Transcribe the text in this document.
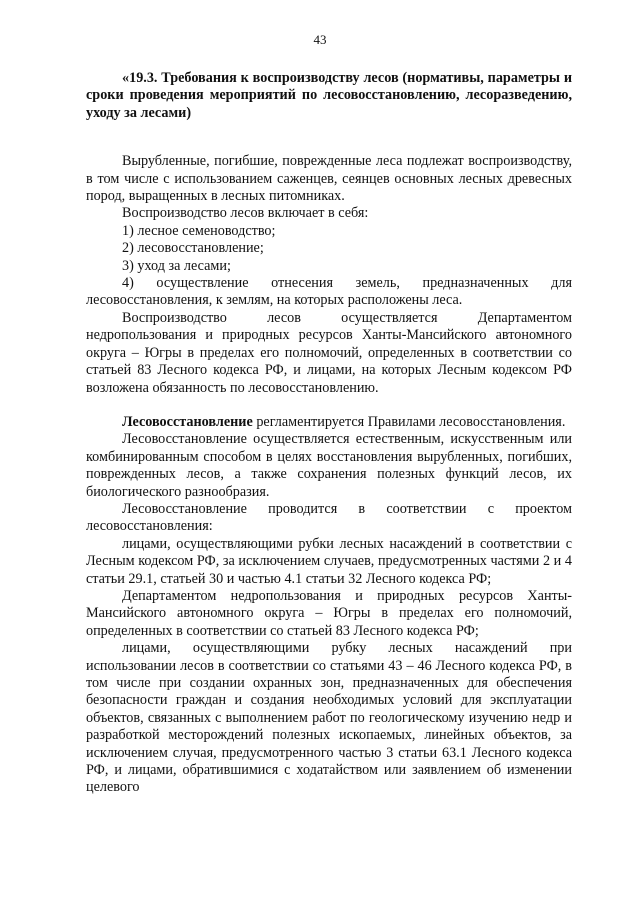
43
«19.3. Требования к воспроизводству лесов (нормативы, параметры и сроки проведения мероприятий по лесовосстановлению, лесоразведению, уходу за лесами)

Вырубленные, погибшие, поврежденные леса подлежат воспроизводству, в том числе с использованием саженцев, сеянцев основных лесных древесных пород, выращенных в лесных питомниках.

Воспроизводство лесов включает в себя:

1) лесное семеноводство;
2) лесовосстановление;
3) уход за лесами;
4) осуществление отнесения земель, предназначенных для лесовосстановления, к землям, на которых расположены леса.

Воспроизводство лесов осуществляется Департаментом недропользования и природных ресурсов Ханты-Мансийского автономного округа – Югры в пределах его полномочий, определенных в соответствии со статьей 83 Лесного кодекса РФ, и лицами, на которых Лесным кодексом РФ возложена обязанность по лесовосстановлению.

Лесовосстановление регламентируется Правилами лесовосстановления.

Лесовосстановление осуществляется естественным, искусственным или комбинированным способом в целях восстановления вырубленных, погибших, поврежденных лесов, а также сохранения полезных функций лесов, их биологического разнообразия.

Лесовосстановление проводится в соответствии с проектом лесовосстановления:

лицами, осуществляющими рубки лесных насаждений в соответствии с Лесным кодексом РФ, за исключением случаев, предусмотренных частями 2 и 4 статьи 29.1, статьей 30 и частью 4.1 статьи 32 Лесного кодекса РФ;

Департаментом недропользования и природных ресурсов Ханты-Мансийского автономного округа – Югры в пределах его полномочий, определенных в соответствии со статьей 83 Лесного кодекса РФ;

лицами, осуществляющими рубку лесных насаждений при использовании лесов в соответствии со статьями 43 – 46 Лесного кодекса РФ, в том числе при создании охранных зон, предназначенных для обеспечения безопасности граждан и создания необходимых условий для эксплуатации объектов, связанных с выполнением работ по геологическому изучению недр и разработкой месторождений полезных ископаемых, линейных объектов, за исключением случая, предусмотренного частью 3 статьи 63.1 Лесного кодекса РФ, и лицами, обратившимися с ходатайством или заявлением об изменении целевого
